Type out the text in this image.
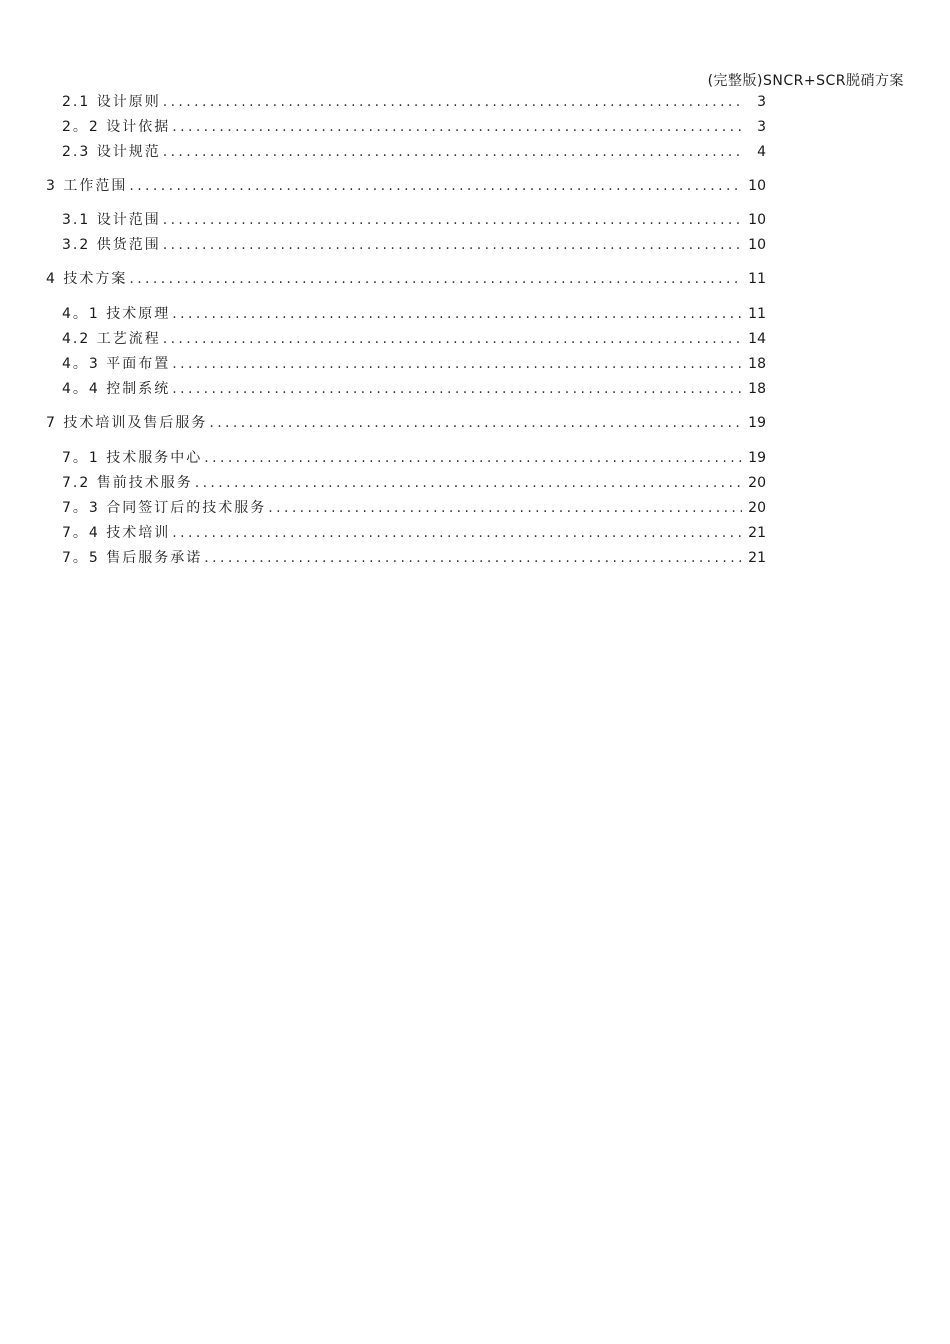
(完整版)SNCR+SCR脱硝方案
2.1 设计原则 .....	3
2。2 设计依据 .....	3
2.3 设计规范 .....	4
3 工作范围 .....	10
3.1 设计范围 .....	10
3.2 供货范围 .....	10
4 技术方案 .....	11
4。1 技术原理 .....	11
4.2 工艺流程 .....	14
4。3 平面布置 .....	18
4。4 控制系统 .....	18
7 技术培训及售后服务 .....	19
7。1 技术服务中心 .....	19
7.2 售前技术服务 .....	20
7。3 合同签订后的技术服务 .....	20
7。4 技术培训 .....	21
7。5 售后服务承诺 .....	21
